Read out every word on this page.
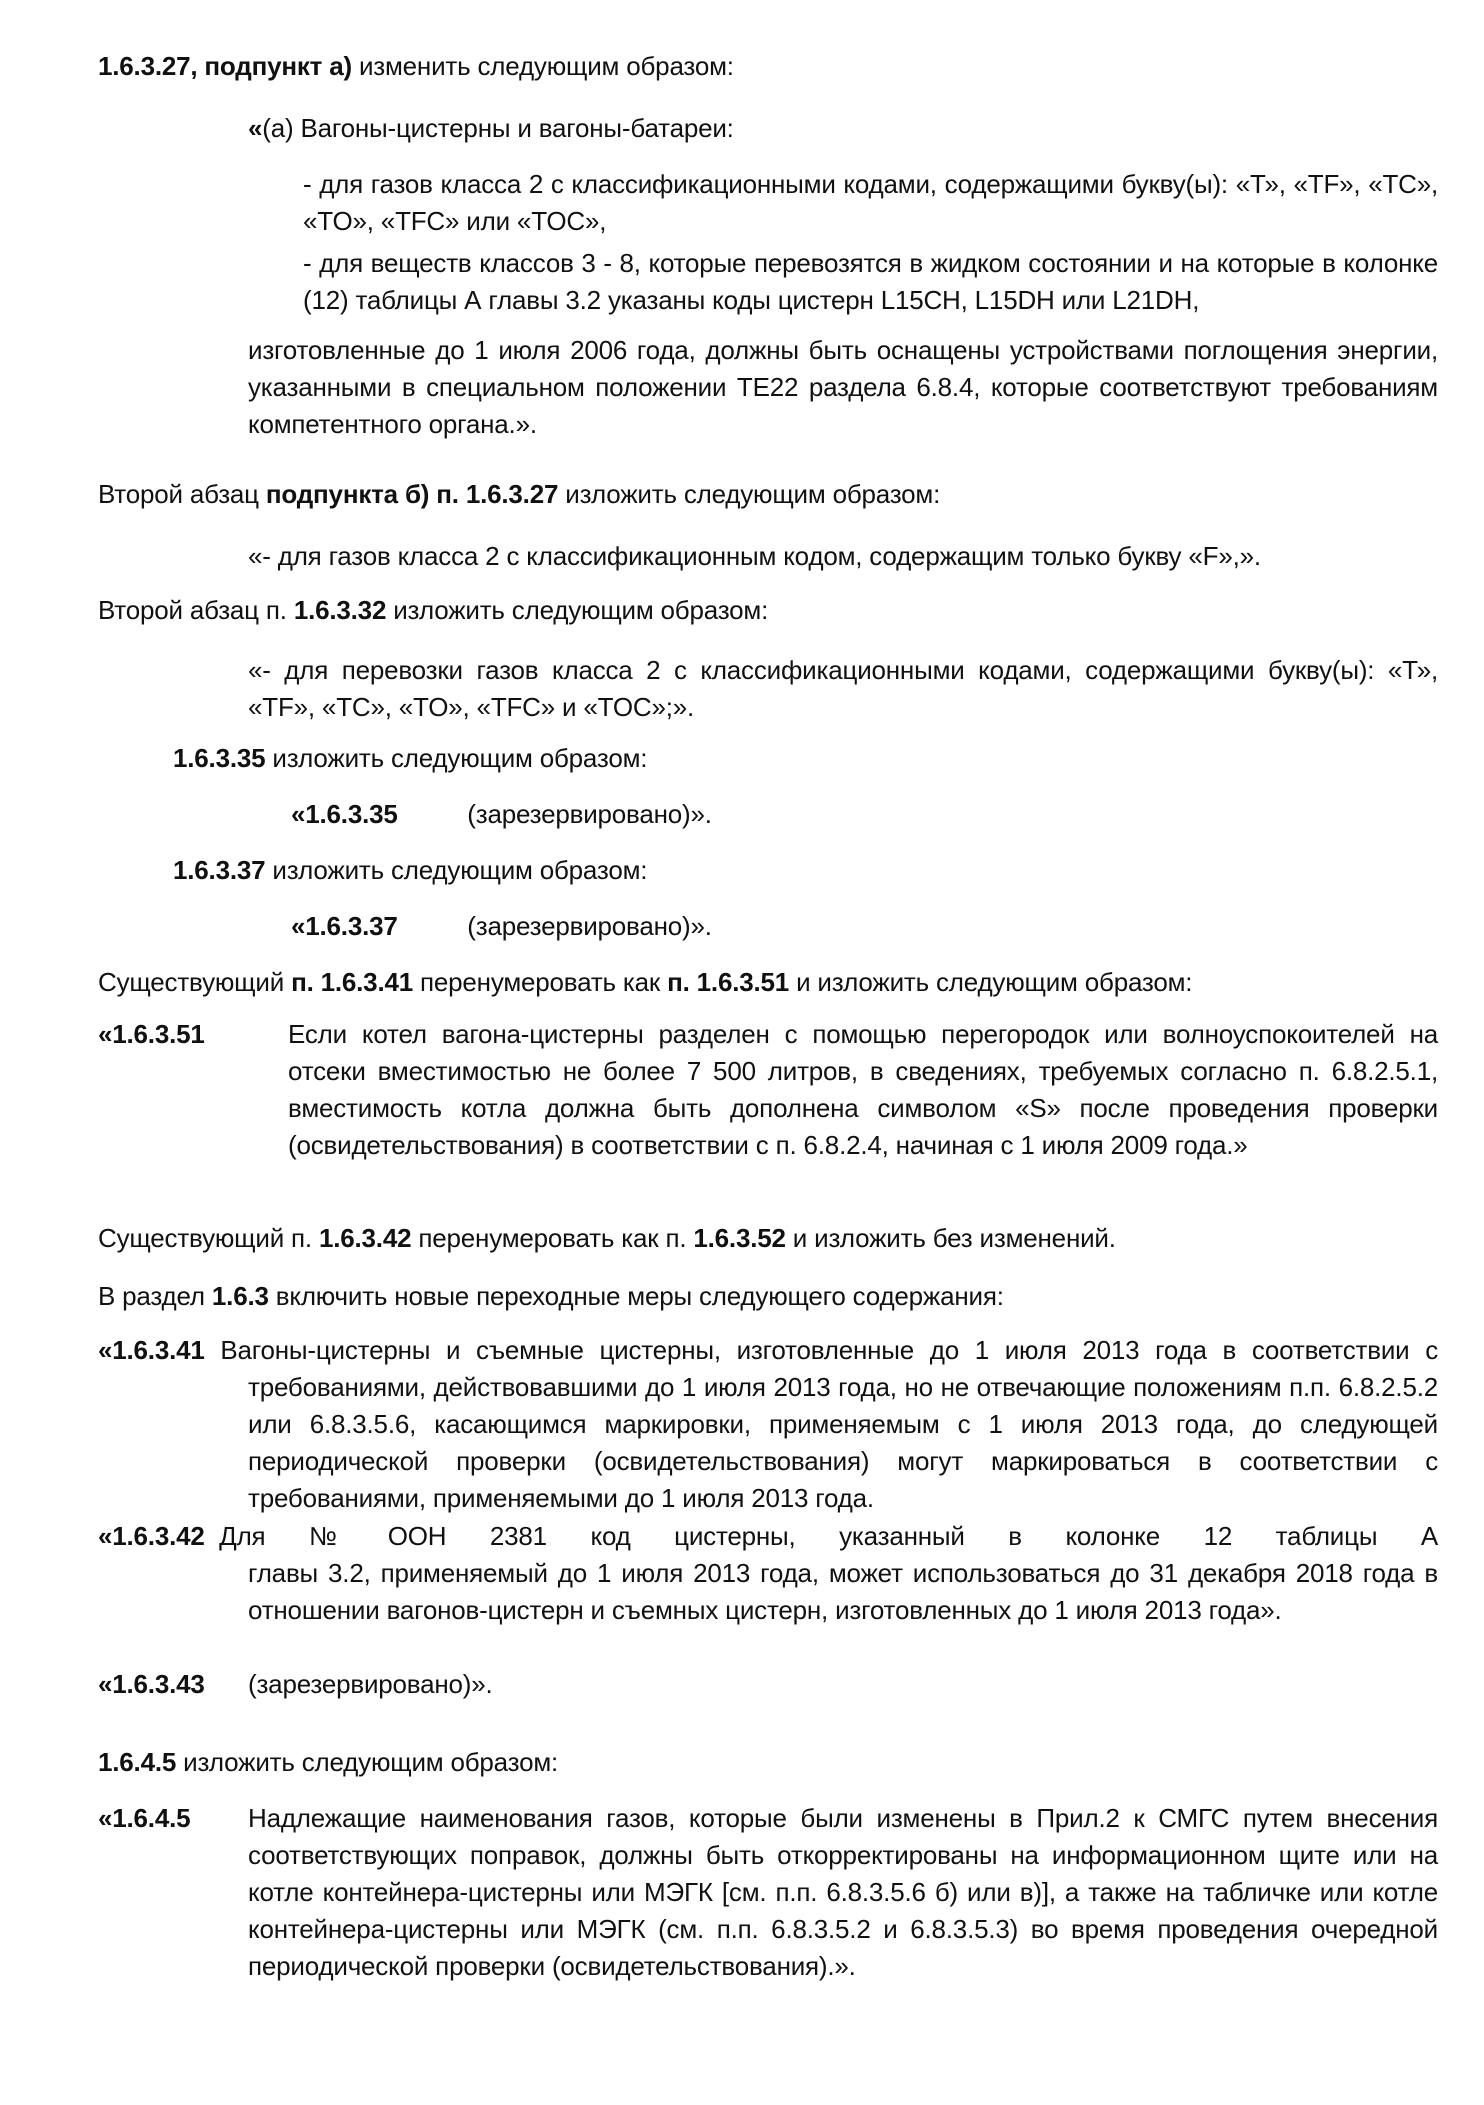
1.6.3.27, подпункт а) изменить следующим образом:

«(а) Вагоны-цистерны и вагоны-батареи:

- для газов класса 2 с классификационными кодами, содержащими букву(ы): «Т», «TF», «TC», «TO», «TFC» или «TOC»,

- для веществ классов 3 - 8, которые перевозятся в жидком состоянии и на которые в колонке (12) таблицы А главы 3.2 указаны коды цистерн L15CH, L15DH или L21DH,

изготовленные до 1 июля 2006 года, должны быть оснащены устройствами поглощения энергии, указанными в специальном положении ТЕ22 раздела 6.8.4, которые соответствуют требованиям компетентного органа.».

Второй абзац подпункта б) п. 1.6.3.27 изложить следующим образом:

«- для газов класса 2 с классификационным кодом, содержащим только букву «F»,».

Второй абзац п. 1.6.3.32 изложить следующим образом:

«- для перевозки газов класса 2 с классификационными кодами, содержащими букву(ы): «Т», «TF», «TC», «TO», «TFC» и «TOC»;».

1.6.3.35 изложить следующим образом:

«1.6.3.35	(зарезервировано)».

1.6.3.37 изложить следующим образом:

«1.6.3.37	(зарезервировано)».

Существующий п. 1.6.3.41 перенумеровать как п. 1.6.3.51 и изложить следующим образом:

«1.6.3.51	Если котел вагона-цистерны разделен с помощью перегородок или волноуспокоителей на отсеки вместимостью не более 7 500 литров, в сведениях, требуемых согласно п. 6.8.2.5.1, вместимость котла должна быть дополнена символом «S» после проведения проверки (освидетельствования) в соответствии с п. 6.8.2.4, начиная с 1 июля 2009 года.»

Существующий п. 1.6.3.42 перенумеровать как п. 1.6.3.52 и изложить без изменений.

В раздел 1.6.3 включить новые переходные меры следующего содержания:

«1.6.3.41 Вагоны-цистерны и съемные цистерны, изготовленные до 1 июля 2013 года в соответствии с
требованиями, действовавшими до 1 июля 2013 года, но не отвечающие положениям п.п. 6.8.2.5.2 или 6.8.3.5.6, касающимся маркировки, применяемым с 1 июля 2013 года, до следующей периодической проверки (освидетельствования) могут маркироваться в соответствии с требованиями, применяемыми до 1 июля 2013 года.
«1.6.3.42 Для   №   ООН   2381   код   цистерны,   указанный   в   колонке   12   таблицы   А
главы 3.2, применяемый до 1 июля 2013 года, может использоваться до 31 декабря 2018 года в отношении вагонов-цистерн и съемных цистерн, изготовленных до 1 июля 2013 года».
«1.6.3.43 (зарезервировано)».

1.6.4.5 изложить следующим образом:

«1.6.4.5 Надлежащие наименования газов, которые были изменены в Прил.2 к СМГС путем внесения соответствующих поправок, должны быть откорректированы на информационном щите или на котле контейнера-цистерны или МЭГК [см. п.п. 6.8.3.5.6 б) или в)], а также на табличке или котле контейнера-цистерны или МЭГК (см. п.п. 6.8.3.5.2 и 6.8.3.5.3) во время проведения очередной периодической проверки (освидетельствования).».
